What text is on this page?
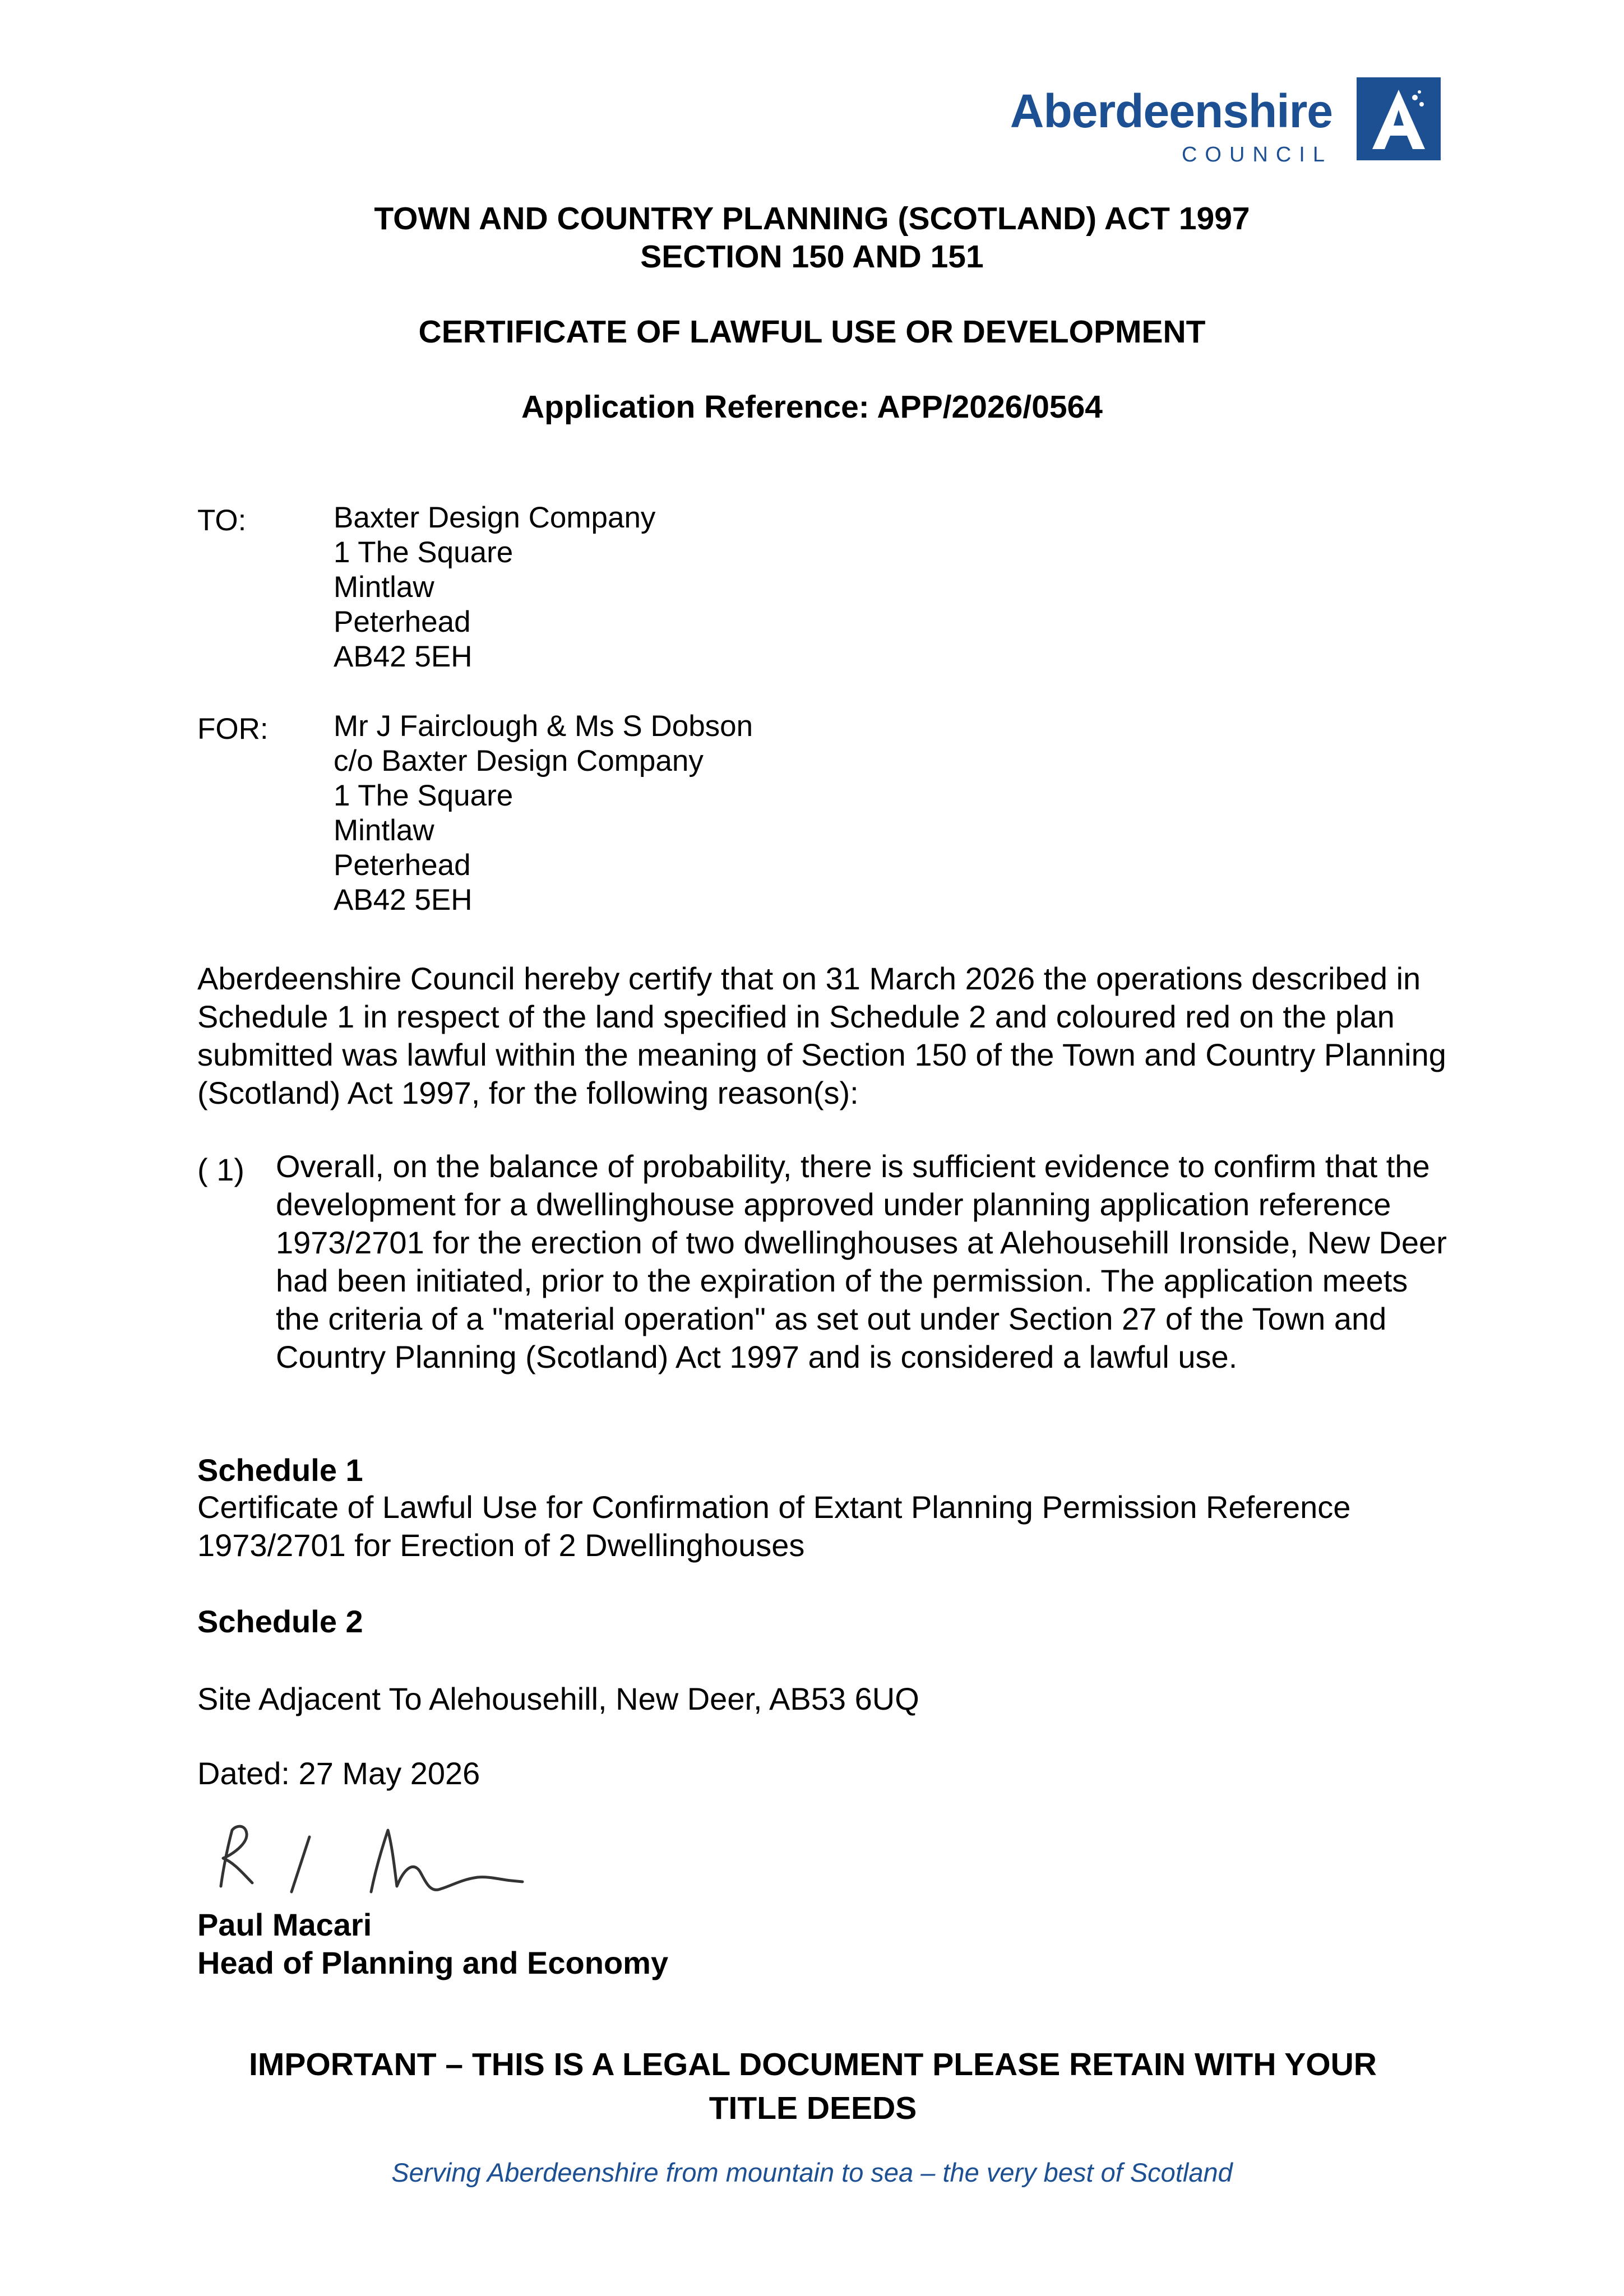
Aberdeenshire
COUNCIL
TOWN AND COUNTRY PLANNING (SCOTLAND) ACT 1997
SECTION 150 AND 151
CERTIFICATE OF LAWFUL USE OR DEVELOPMENT
Application Reference: APP/2026/0564
TO:	Baxter Design Company
1 The Square
Mintlaw
Peterhead
AB42 5EH
FOR: Mr J Fairclough & Ms S Dobson
c/o Baxter Design Company
1 The Square
Mintlaw
Peterhead
AB42 5EH
Aberdeenshire Council hereby certify that on 31 March 2026 the operations described in Schedule 1 in respect of the land specified in Schedule 2 and coloured red on the plan submitted was lawful within the meaning of Section 150 of the Town and Country Planning (Scotland) Act 1997, for the following reason(s):
( 1) Overall, on the balance of probability, there is sufficient evidence to confirm that the development for a dwellinghouse approved under planning application reference 1973/2701 for the erection of two dwellinghouses at Alehousehill Ironside, New Deer had been initiated, prior to the expiration of the permission. The application meets the criteria of a "material operation" as set out under Section 27 of the Town and Country Planning (Scotland) Act 1997 and is considered a lawful use.
Schedule 1
Certificate of Lawful Use for Confirmation of Extant Planning Permission Reference 1973/2701 for Erection of 2 Dwellinghouses
Schedule 2
Site Adjacent To Alehousehill, New Deer, AB53 6UQ
Dated: 27 May 2026
Paul Macari
Head of Planning and Economy
IMPORTANT – THIS IS A LEGAL DOCUMENT PLEASE RETAIN WITH YOUR TITLE DEEDS
Serving Aberdeenshire from mountain to sea – the very best of Scotland
